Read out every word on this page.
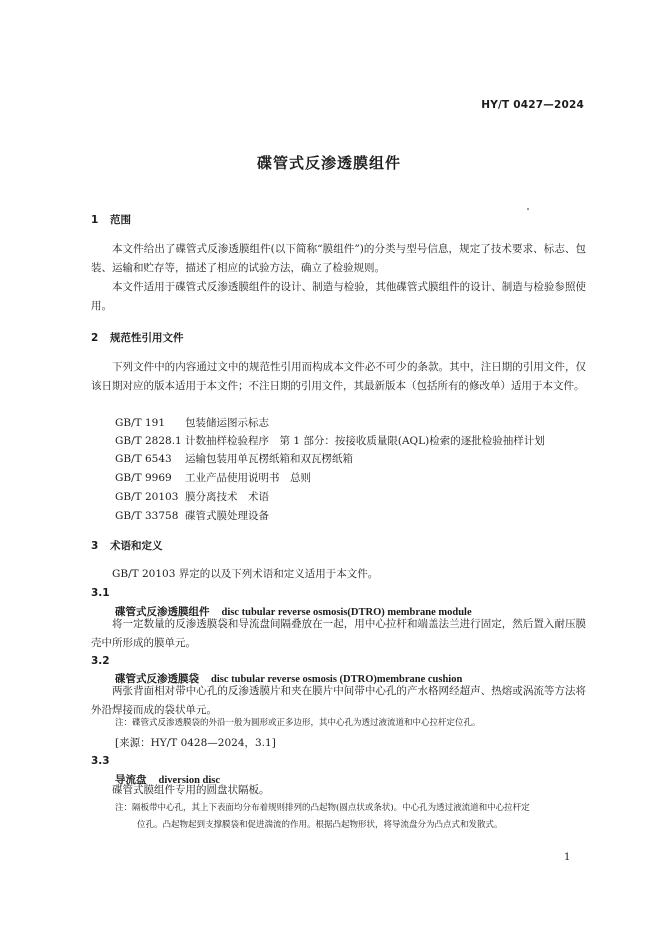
HY/T 0427—2024
碟管式反渗透膜组件
1 范围
本文件给出了碟管式反渗透膜组件(以下简称“膜组件”)的分类与型号信息，规定了技术要求、标志、包装、运输和贮存等，描述了相应的试验方法，确立了检验规则。
本文件适用于碟管式反渗透膜组件的设计、制造与检验，其他碟管式膜组件的设计、制造与检验参照使用。
2 规范性引用文件
下列文件中的内容通过文中的规范性引用而构成本文件必不可少的条款。其中，注日期的引用文件，仅该日期对应的版本适用于本文件；不注日期的引用文件，其最新版本（包括所有的修改单）适用于本文件。
GB/T 191 包装储运图示标志
GB/T 2828.1 计数抽样检验程序　第 1 部分：按接收质量限(AQL)检索的逐批检验抽样计划
GB/T 6543 运输包装用单瓦楞纸箱和双瓦楞纸箱
GB/T 9969 工业产品使用说明书　总则
GB/T 20103 膜分离技术　术语
GB/T 33758 碟管式膜处理设备
3 术语和定义
GB/T 20103 界定的以及下列术语和定义适用于本文件。
3.1
碟管式反渗透膜组件 disc tubular reverse osmosis(DTRO) membrane module
将一定数量的反渗透膜袋和导流盘间隔叠放在一起，用中心拉杆和端盖法兰进行固定，然后置入耐压膜壳中所形成的膜单元。
3.2
碟管式反渗透膜袋 disc tubular reverse osmosis (DTRO)membrane cushion
两张背面相对带中心孔的反渗透膜片和夹在膜片中间带中心孔的产水格网经超声、热熔或涡流等方法将外沿焊接而成的袋状单元。
注：碟管式反渗透膜袋的外沿一般为圆形或正多边形，其中心孔为透过液流道和中心拉杆定位孔。
[来源：HY/T 0428—2024，3.1]
3.3
导流盘 diversion disc
碟管式膜组件专用的圆盘状隔板。
注：隔板带中心孔，其上下表面均分布着规则排列的凸起物(圆点状或条状)。中心孔为透过液流道和中心拉杆定
位孔。凸起物起到支撑膜袋和促进湍流的作用。根据凸起物形状，将导流盘分为凸点式和发散式。
1
